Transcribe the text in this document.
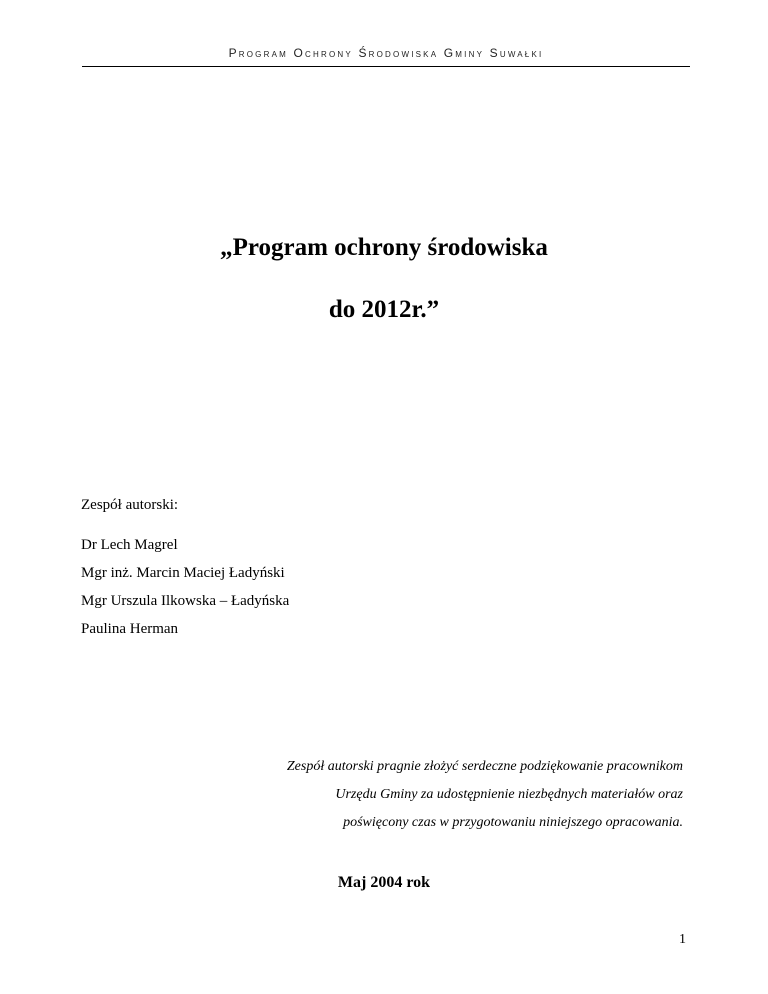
Program Ochrony Środowiska Gminy Suwałki
„Program ochrony środowiska
do 2012r.”
Zespół autorski:
Dr Lech Magrel
Mgr inż. Marcin Maciej Ładyński
Mgr Urszula Ilkowska – Ładyńska
Paulina Herman
Zespół autorski pragnie złożyć serdeczne podziękowanie pracownikom
Urzędu Gminy za udostępnienie niezbędnych materiałów oraz
poświęcony czas w przygotowaniu niniejszego opracowania.
Maj 2004 rok
1
